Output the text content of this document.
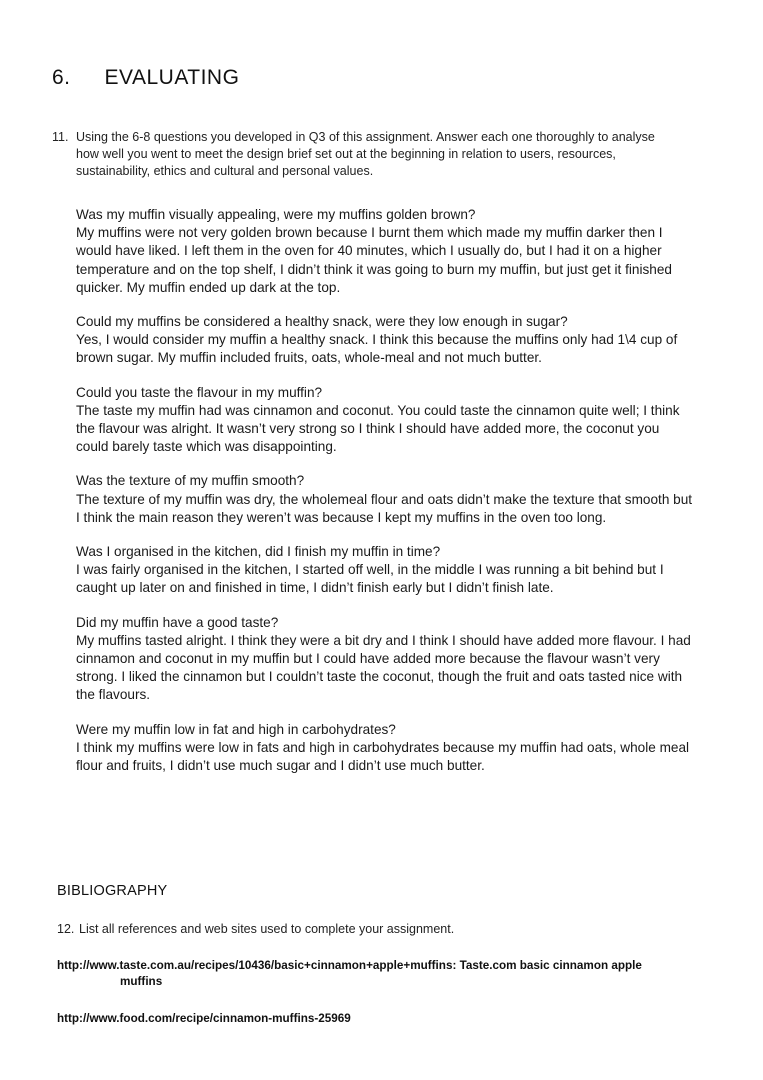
6. EVALUATING
11. Using the 6-8 questions you developed in Q3 of this assignment. Answer each one thoroughly to analyse how well you went to meet the design brief set out at the beginning in relation to users, resources, sustainability, ethics and cultural and personal values.

Was my muffin visually appealing, were my muffins golden brown?

My muffins were not very golden brown because I burnt them which made my muffin darker then I would have liked. I left them in the oven for 40 minutes, which I usually do, but I had it on a higher temperature and on the top shelf, I didn’t think it was going to burn my muffin, but just get it finished quicker. My muffin ended up dark at the top.

Could my muffins be considered a healthy snack, were they low enough in sugar?

Yes, I would consider my muffin a healthy snack. I think this because the muffins only had 1\4 cup of brown sugar. My muffin included fruits, oats, whole-meal and not much butter.

Could you taste the flavour in my muffin?

The taste my muffin had was cinnamon and coconut. You could taste the cinnamon quite well; I think the flavour was alright. It wasn’t very strong so I think I should have added more, the coconut you could barely taste which was disappointing.

Was the texture of my muffin smooth?

The texture of my muffin was dry, the wholemeal flour and oats didn’t make the texture that smooth but I think the main reason they weren’t was because I kept my muffins in the oven too long.

Was I organised in the kitchen, did I finish my muffin in time?

I was fairly organised in the kitchen, I started off well, in the middle I was running a bit behind but I caught up later on and finished in time, I didn’t finish early but I didn’t finish late.

Did my muffin have a good taste?

My muffins tasted alright. I think they were a bit dry and I think I should have added more flavour. I had cinnamon and coconut in my muffin but I could have added more because the flavour wasn’t very strong. I liked the cinnamon but I couldn’t taste the coconut, though the fruit and oats tasted nice with the flavours.

Were my muffin low in fat and high in carbohydrates?

I think my muffins were low in fats and high in carbohydrates because my muffin had oats, whole meal flour and fruits, I didn’t use much sugar and I didn’t use much butter.

BIBLIOGRAPHY
12. List all references and web sites used to complete your assignment.
http://www.taste.com.au/recipes/10436/basic+cinnamon+apple+muffins: Taste.com basic cinnamon apple
muffins
http://www.food.com/recipe/cinnamon-muffins-25969
